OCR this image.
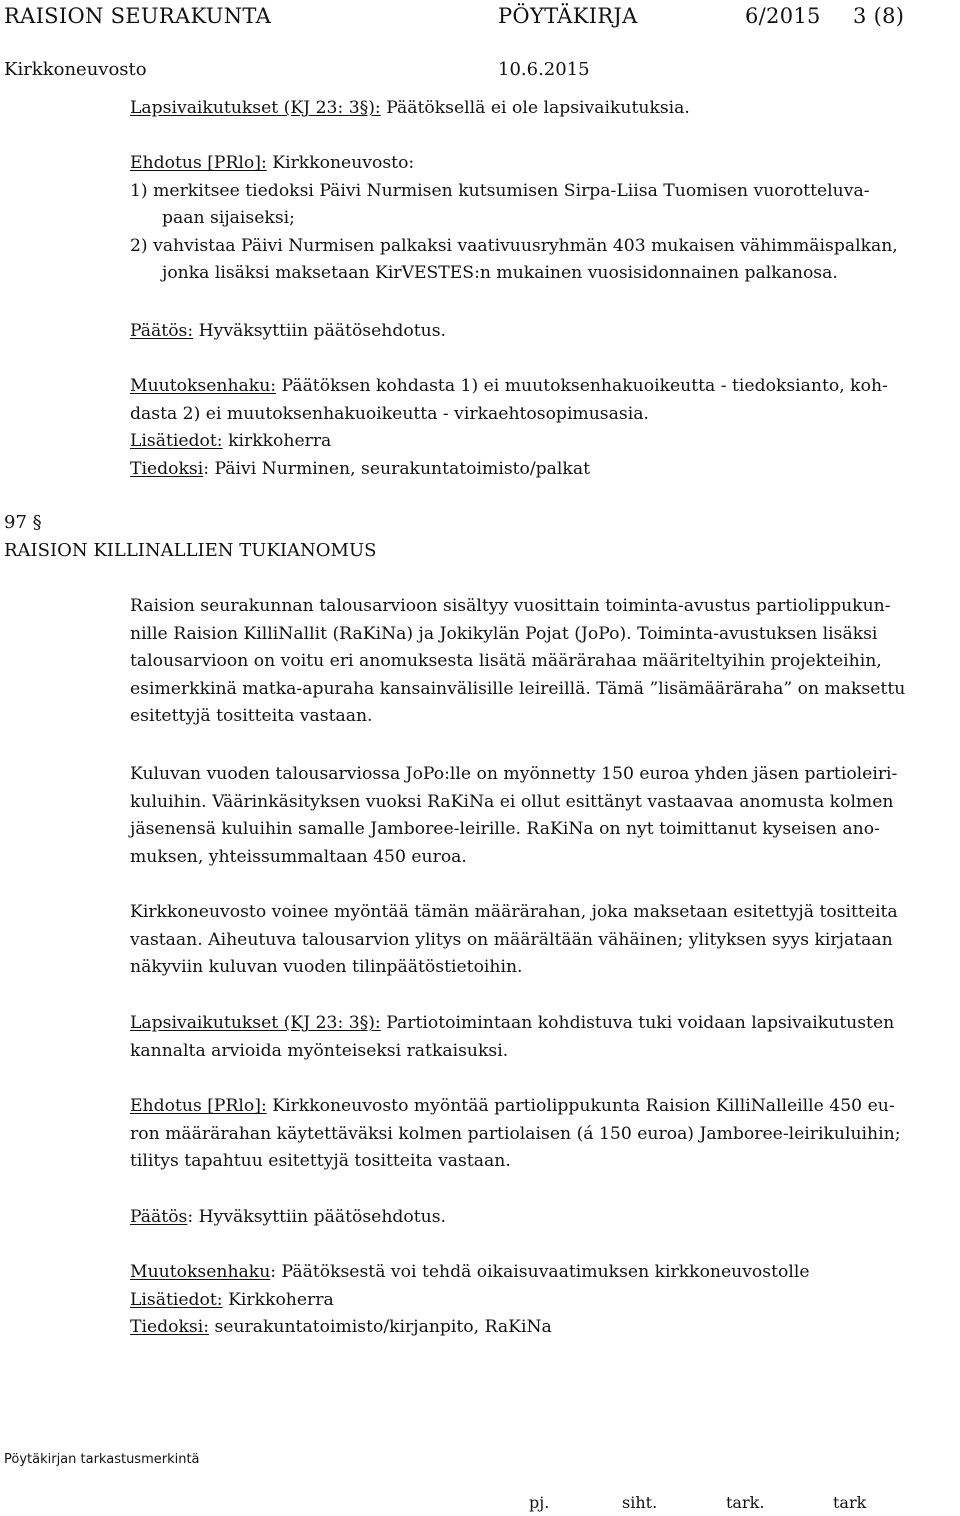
RAISION SEURAKUNTA	PÖYTÄKIRJA	6/2015 3 (8)
Kirkkoneuvosto	10.6.2015
Lapsivaikutukset (KJ 23: 3§): Päätöksellä ei ole lapsivaikutuksia.
Ehdotus [PRlo]: Kirkkoneuvosto:
1) merkitsee tiedoksi Päivi Nurmisen kutsumisen Sirpa-Liisa Tuomisen vuorotteluva-
paan sijaiseksi;
2) vahvistaa Päivi Nurmisen palkaksi vaativuusryhmän 403 mukaisen vähimmäispalkan,
jonka lisäksi maksetaan KirVESTES:n mukainen vuosisidonnainen palkanosa.
Päätös: Hyväksyttiin päätösehdotus.
Muutoksenhaku: Päätöksen kohdasta 1) ei muutoksenhakuoikeutta - tiedoksianto, koh-
dasta 2) ei muutoksenhakuoikeutta - virkaehtosopimusasia.
Lisätiedot: kirkkoherra
Tiedoksi: Päivi Nurminen, seurakuntatoimisto/palkat
97 §
RAISION KILLINALLIEN TUKIANOMUS
Raision seurakunnan talousarvioon sisältyy vuosittain toiminta-avustus partiolippukun-
nille Raision KilliNallit (RaKiNa) ja Jokikylän Pojat (JoPo). Toiminta-avustuksen lisäksi
talousarvioon on voitu eri anomuksesta lisätä määrärahaa määriteltyihin projekteihin,
esimerkkinä matka-apuraha kansainvälisille leireillä. Tämä ”lisämääräraha” on maksettu
esitettyjä tositteita vastaan.
Kuluvan vuoden talousarviossa JoPo:lle on myönnetty 150 euroa yhden jäsen partioleiri-
kuluihin. Väärinkäsityksen vuoksi RaKiNa ei ollut esittänyt vastaavaa anomusta kolmen
jäsenensä kuluihin samalle Jamboree-leirille. RaKiNa on nyt toimittanut kyseisen ano-
muksen, yhteissummaltaan 450 euroa.
Kirkkoneuvosto voinee myöntää tämän määrärahan, joka maksetaan esitettyjä tositteita
vastaan. Aiheutuva talousarvion ylitys on määrältään vähäinen; ylityksen syys kirjataan
näkyviin kuluvan vuoden tilinpäätöstietoihin.
Lapsivaikutukset (KJ 23: 3§): Partiotoimintaan kohdistuva tuki voidaan lapsivaikutusten
kannalta arvioida myönteiseksi ratkaisuksi.
Ehdotus [PRlo]: Kirkkoneuvosto myöntää partiolippukunta Raision KilliNalleille 450 eu-
ron määrärahan käytettäväksi kolmen partiolaisen (á 150 euroa) Jamboree-leirikuluihin;
tilitys tapahtuu esitettyjä tositteita vastaan.
Päätös: Hyväksyttiin päätösehdotus.
Muutoksenhaku: Päätöksestä voi tehdä oikaisuvaatimuksen kirkkoneuvostolle
Lisätiedot: Kirkkoherra
Tiedoksi: seurakuntatoimisto/kirjanpito, RaKiNa
Pöytäkirjan tarkastusmerkintä
pj.	siht.	tark.	tark
